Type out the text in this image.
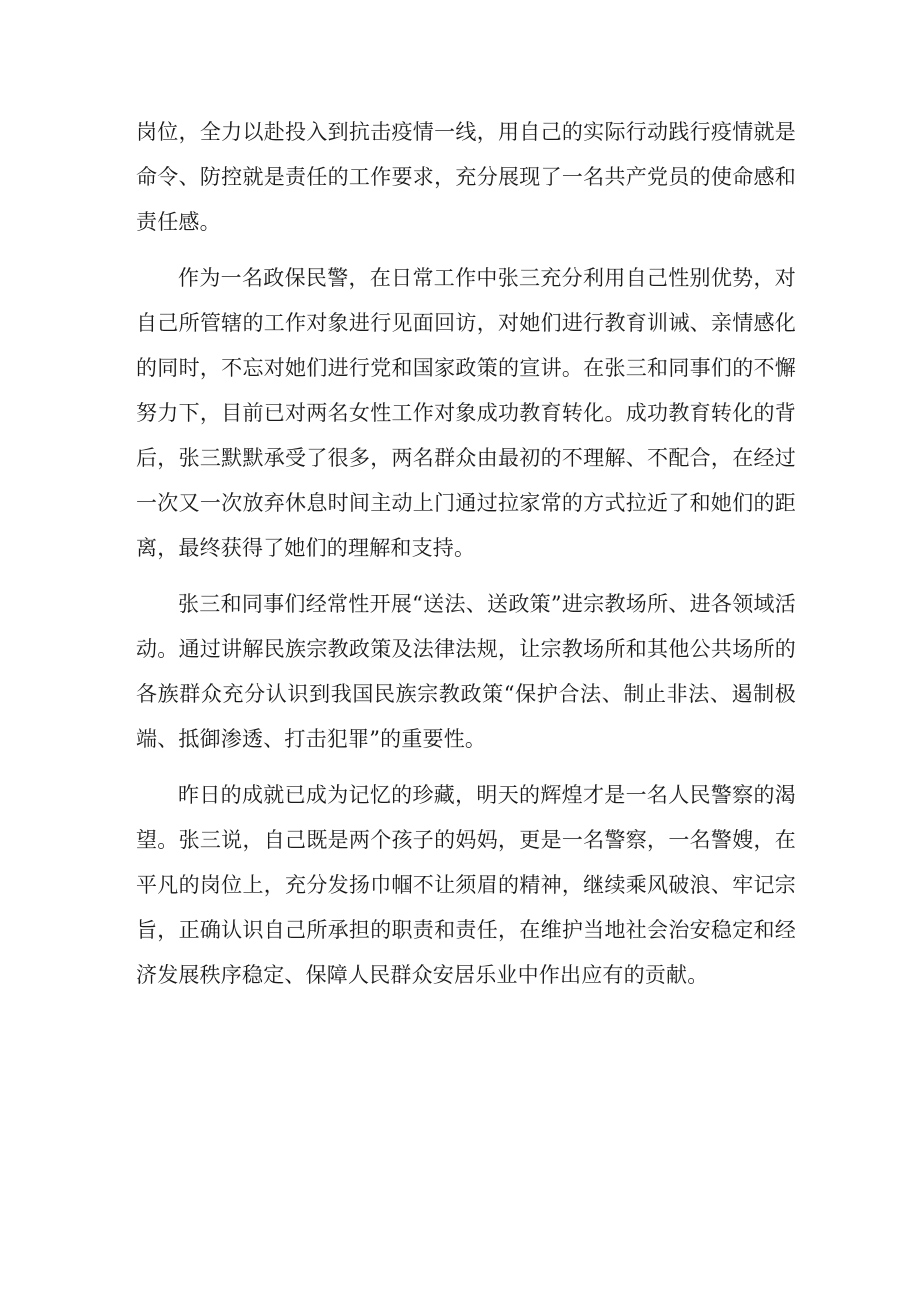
岗位，全力以赴投入到抗击疫情一线，用自己的实际行动践行疫情就是命令、防控就是责任的工作要求，充分展现了一名共产党员的使命感和责任感。

作为一名政保民警，在日常工作中张三充分利用自己性别优势，对自己所管辖的工作对象进行见面回访，对她们进行教育训诫、亲情感化的同时，不忘对她们进行党和国家政策的宣讲。在张三和同事们的不懈努力下，目前已对两名女性工作对象成功教育转化。成功教育转化的背后，张三默默承受了很多，两名群众由最初的不理解、不配合，在经过一次又一次放弃休息时间主动上门通过拉家常的方式拉近了和她们的距离，最终获得了她们的理解和支持。

张三和同事们经常性开展“送法、送政策”进宗教场所、进各领域活动。通过讲解民族宗教政策及法律法规，让宗教场所和其他公共场所的各族群众充分认识到我国民族宗教政策“保护合法、制止非法、遏制极端、抵御渗透、打击犯罪”的重要性。

昨日的成就已成为记忆的珍藏，明天的辉煌才是一名人民警察的渴望。张三说，自己既是两个孩子的妈妈，更是一名警察，一名警嫂，在平凡的岗位上，充分发扬巾帼不让须眉的精神，继续乘风破浪、牢记宗旨，正确认识自己所承担的职责和责任，在维护当地社会治安稳定和经济发展秩序稳定、保障人民群众安居乐业中作出应有的贡献。
